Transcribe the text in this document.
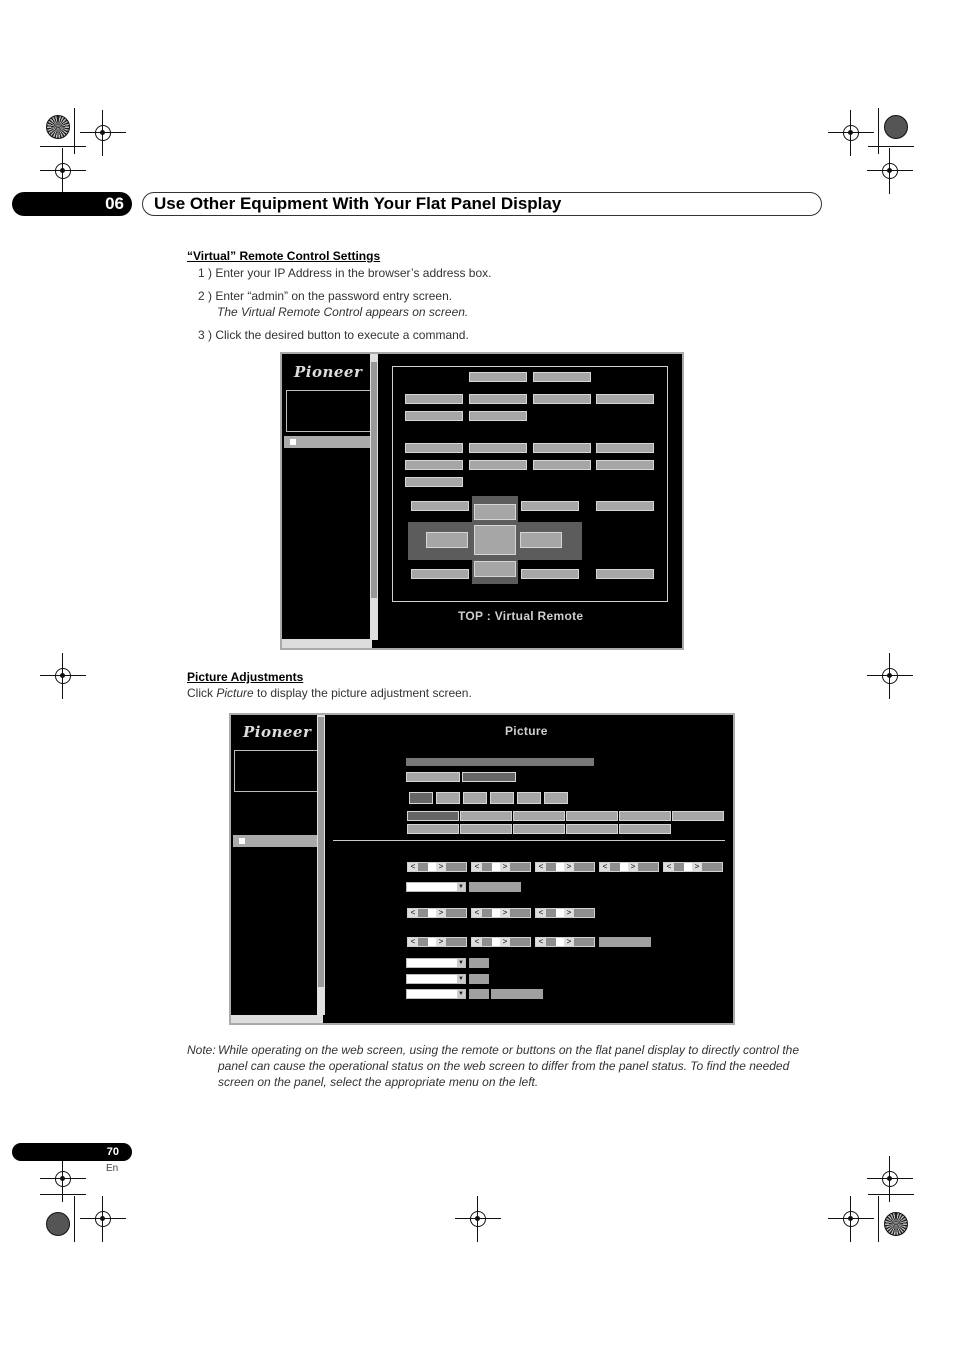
06	Use Other Equipment With Your Flat Panel Display
“Virtual” Remote Control Settings
1 ) Enter your IP Address in the browser’s address box.
2 ) Enter “admin” on the password entry screen.
The Virtual Remote Control appears on screen.
3 ) Click the desired button to execute a command.
Pioneer
TOP : Virtual Remote
Picture Adjustments
Click Picture to display the picture adjustment screen.
Pioneer	Picture
<	>	<	>	<	>	<	>	<	>
▼
<	>	<	>	<	>
<	>	<	>	<	>
▼
▼
▼
Note: While operating on the web screen, using the remote or buttons on the flat panel display to directly control the panel can cause the operational status on the web screen to differ from the panel status. To find the needed screen on the panel, select the appropriate menu on the left.
70
En
